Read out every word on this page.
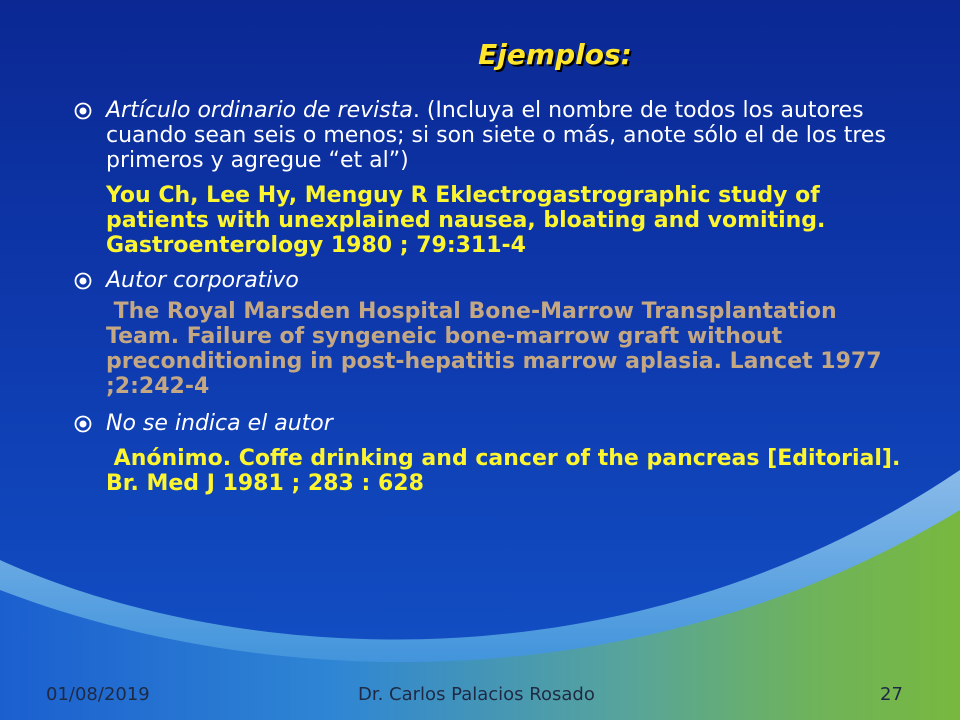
Ejemplos:
Artículo ordinario de revista. (Incluya el nombre de todos los autores cuando sean seis o menos; si son siete o más, anote sólo el de los tres primeros y agregue “et al”)
You Ch, Lee Hy, Menguy R Eklectrogastrographic study of patients with unexplained nausea, bloating and vomiting. Gastroenterology 1980 ; 79:311-4
Autor corporativo
The Royal Marsden Hospital Bone-Marrow Transplantation Team. Failure of syngeneic bone-marrow graft without preconditioning in post-hepatitis marrow aplasia. Lancet 1977 ;2:242-4
No se indica el autor
Anónimo. Coffe drinking and cancer of the pancreas [Editorial]. Br. Med J 1981 ; 283 : 628
01/08/2019	Dr. Carlos Palacios Rosado	27
